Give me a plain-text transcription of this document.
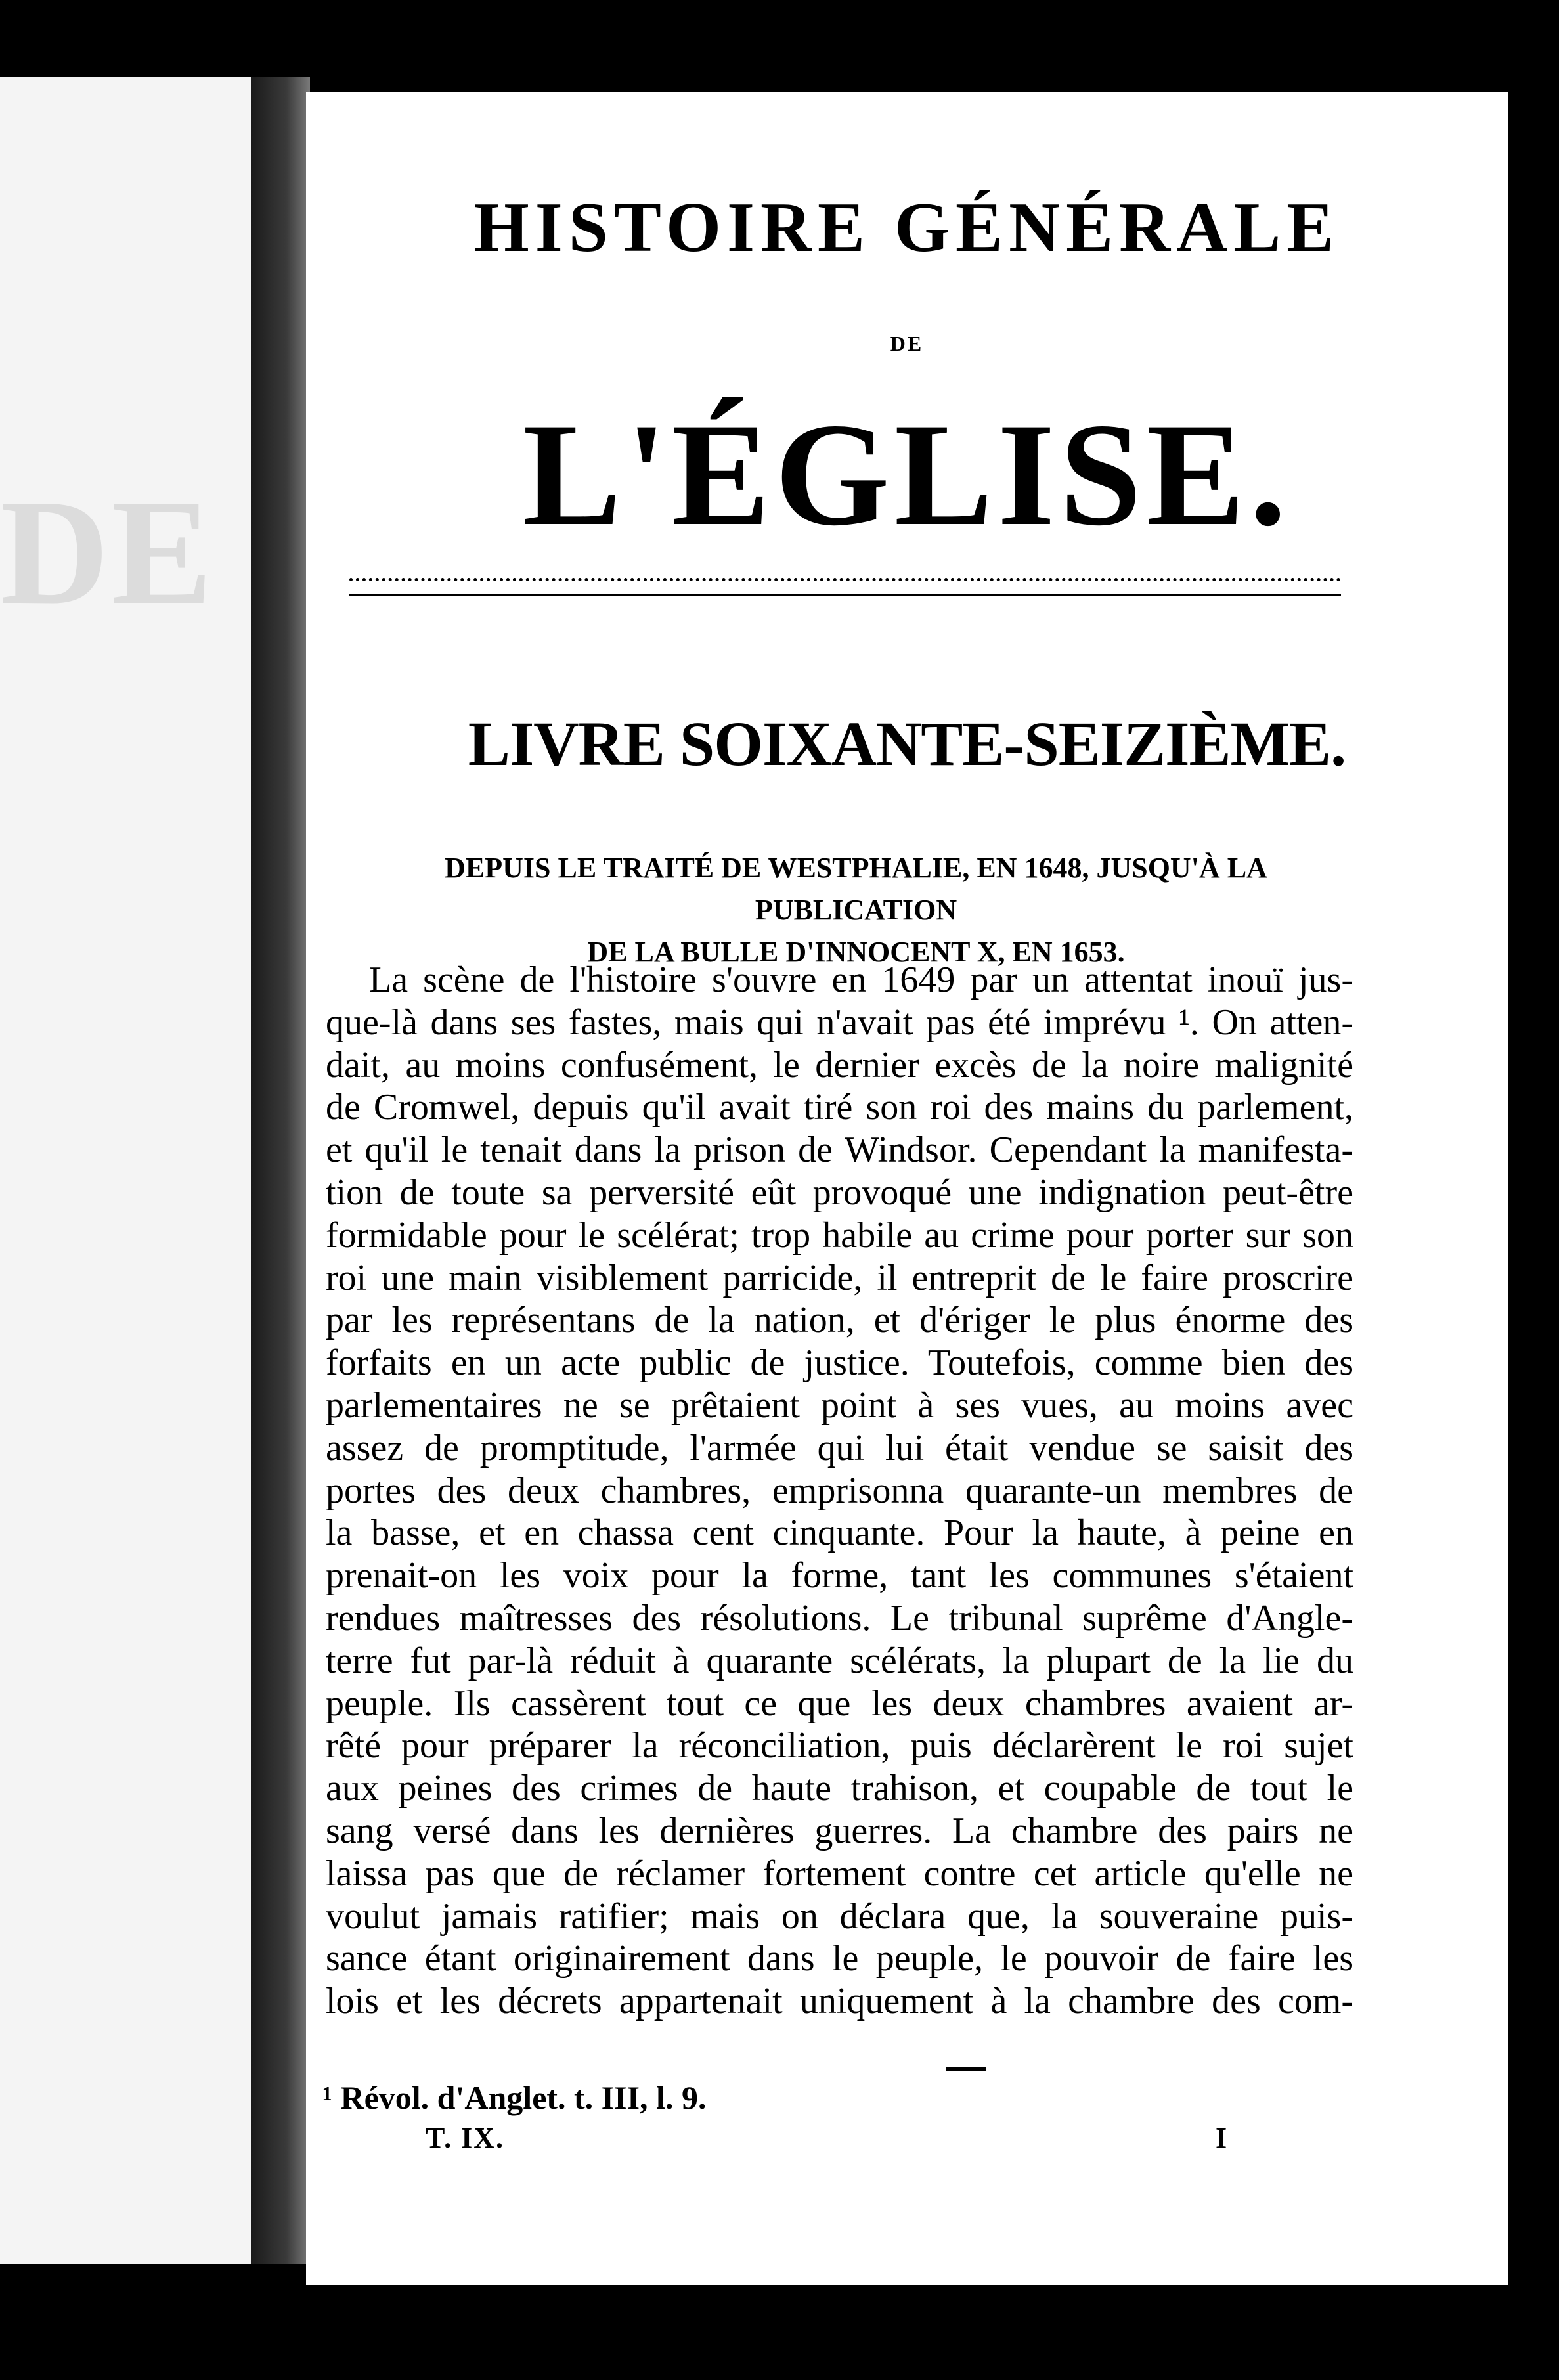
DE
HISTOIRE GÉNÉRALE
DE
L'ÉGLISE.
LIVRE SOIXANTE-SEIZIÈME.
DEPUIS LE TRAITÉ DE WESTPHALIE, EN 1648, JUSQU'À LA PUBLICATION
DE LA BULLE D'INNOCENT X, EN 1653.
La scène de l'histoire s'ouvre en 1649 par un attentat inouï jus-
que-là dans ses fastes, mais qui n'avait pas été imprévu ¹. On atten-
dait, au moins confusément, le dernier excès de la noire malignité
de Cromwel, depuis qu'il avait tiré son roi des mains du parlement,
et qu'il le tenait dans la prison de Windsor. Cependant la manifesta-
tion de toute sa perversité eût provoqué une indignation peut-être
formidable pour le scélérat; trop habile au crime pour porter sur son
roi une main visiblement parricide, il entreprit de le faire proscrire
par les représentans de la nation, et d'ériger le plus énorme des
forfaits en un acte public de justice. Toutefois, comme bien des
parlementaires ne se prêtaient point à ses vues, au moins avec
assez de promptitude, l'armée qui lui était vendue se saisit des
portes des deux chambres, emprisonna quarante-un membres de
la basse, et en chassa cent cinquante. Pour la haute, à peine en
prenait-on les voix pour la forme, tant les communes s'étaient
rendues maîtresses des résolutions. Le tribunal suprême d'Angle-
terre fut par-là réduit à quarante scélérats, la plupart de la lie du
peuple. Ils cassèrent tout ce que les deux chambres avaient ar-
rêté pour préparer la réconciliation, puis déclarèrent le roi sujet
aux peines des crimes de haute trahison, et coupable de tout le
sang versé dans les dernières guerres. La chambre des pairs ne
laissa pas que de réclamer fortement contre cet article qu'elle ne
voulut jamais ratifier; mais on déclara que, la souveraine puis-
sance étant originairement dans le peuple, le pouvoir de faire les
lois et les décrets appartenait uniquement à la chambre des com-
¹ Révol. d'Anglet. t. III, l. 9.
T. IX.	I
